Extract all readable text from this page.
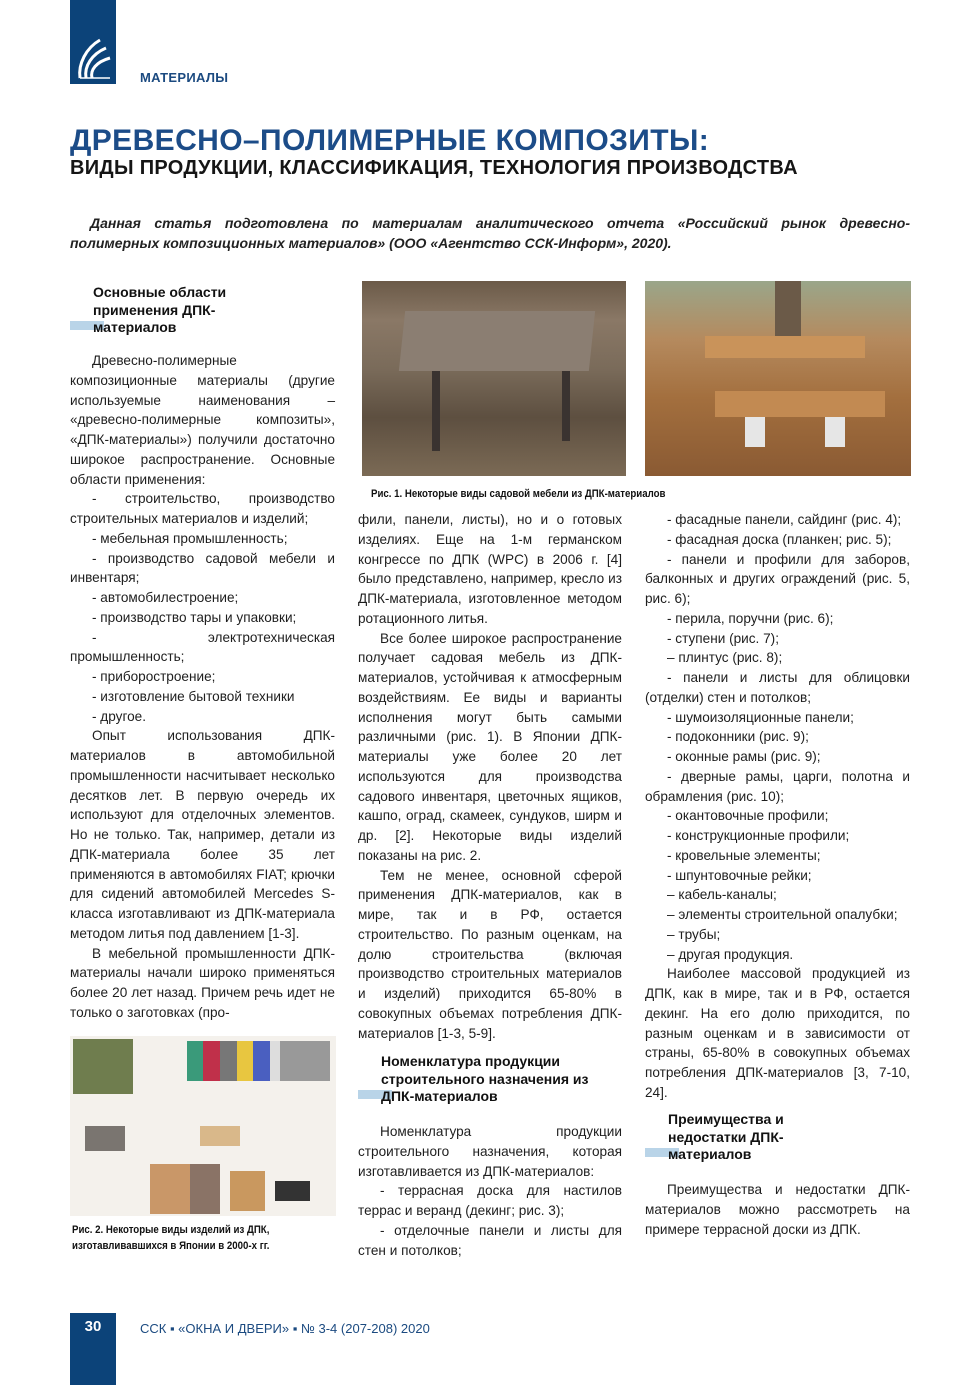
МАТЕРИАЛЫ
ДРЕВЕСНО–ПОЛИМЕРНЫЕ КОМПОЗИТЫ:
ВИДЫ ПРОДУКЦИИ, КЛАССИФИКАЦИЯ, ТЕХНОЛОГИЯ ПРОИЗВОДСТВА
Данная статья подготовлена по материалам аналитического отчета «Российский рынок древесно-полимерных композиционных материалов» (ООО «Агентство ССК-Информ», 2020).
Основные области применения ДПК-материалов

Древесно-полимерные композиционные материалы (другие используемые наименования – «древесно-полимерные композиты», «ДПК-материалы») получили достаточно широкое распространение. Основные области применения:

- строительство, производство строительных материалов и изделий;

- мебельная промышленность;

- производство садовой мебели и инвентаря;

- автомобилестроение;

- производство тары и упаковки;

- электротехническая промышленность;

- приборостроение;

- изготовление бытовой техники

- другое.

Опыт использования ДПК-материалов в автомобильной промышленности насчитывает несколько десятков лет. В первую очередь их используют для отделочных элементов. Но не только. Так, например, детали из ДПК-материала более 35 лет применяются в автомобилях FIAT; крючки для сидений автомобилей Mercedes S-класса изготавливают из ДПК-материала методом литья под давлением [1-3].

В мебельной промышленности ДПК-материалы начали широко применяться более 20 лет назад. Причем речь идет не только о заготовках (про-

Рис. 1. Некоторые виды садовой мебели из ДПК-материалов

фили, панели, листы), но и о готовых изделиях. Еще на 1-м германском конгрессе по ДПК (WPC) в 2006 г. [4] было представлено, например, кресло из ДПК-материала, изготовленное методом ротационного литья.

Все более широкое распространение получает садовая мебель из ДПК-материалов, устойчивая к атмосферным воздействиям. Ее виды и варианты исполнения могут быть самыми различными (рис. 1). В Японии ДПК-материалы уже более 20 лет используются для производства садового инвентаря, цветочных ящиков, кашпо, оград, скамеек, сундуков, ширм и др. [2]. Некоторые виды изделий показаны на рис. 2.

Тем не менее, основной сферой применения ДПК-материалов, как в мире, так и в РФ, остается строительство. По разным оценкам, на долю строительства (включая производство строительных материалов и изделий) приходится 65-80% в совокупных объемах потребления ДПК-материалов [1-3, 5-9].

Номенклатура продукции строительного назначения из ДПК-материалов

Номенклатура продукции строительного назначения, которая изготавливается из ДПК-материалов:

- террасная доска для настилов террас и веранд (декинг; рис. 3);

- отделочные панели и листы для стен и потолков;

- фасадные панели, сайдинг (рис. 4);

- фасадная доска (планкен; рис. 5);

- панели и профили для заборов, балконных и других ограждений (рис. 5, рис. 6);

- перила, поручни (рис. 6);

- ступени (рис. 7);

– плинтус (рис. 8);

- панели и листы для облицовки (отделки) стен и потолков;

- шумоизоляционные панели;

- подоконники (рис. 9);

- оконные рамы (рис. 9);

- дверные рамы, царги, полотна и обрамления (рис. 10);

- окантовочные профили;

- конструкционные профили;

- кровельные элементы;

- шпунтовочные рейки;

– кабель-каналы;

– элементы строительной опалубки;

– трубы;

– другая продукция.

Наиболее массовой продукцией из ДПК, как в мире, так и в РФ, остается декинг. На его долю приходится, по разным оценкам и в зависимости от страны, 65-80% в совокупных объемах потребления ДПК-материалов [3, 7-10, 24].

Преимущества и недостатки ДПК-материалов

Преимущества и недостатки ДПК-материалов можно рассмотреть на примере террасной доски из ДПК.

Рис. 2. Некоторые виды изделий из ДПК, изготавливавшихся в Японии в 2000-х гг.
30	ССК ▪ «ОКНА И ДВЕРИ» ▪ № 3-4 (207-208) 2020
